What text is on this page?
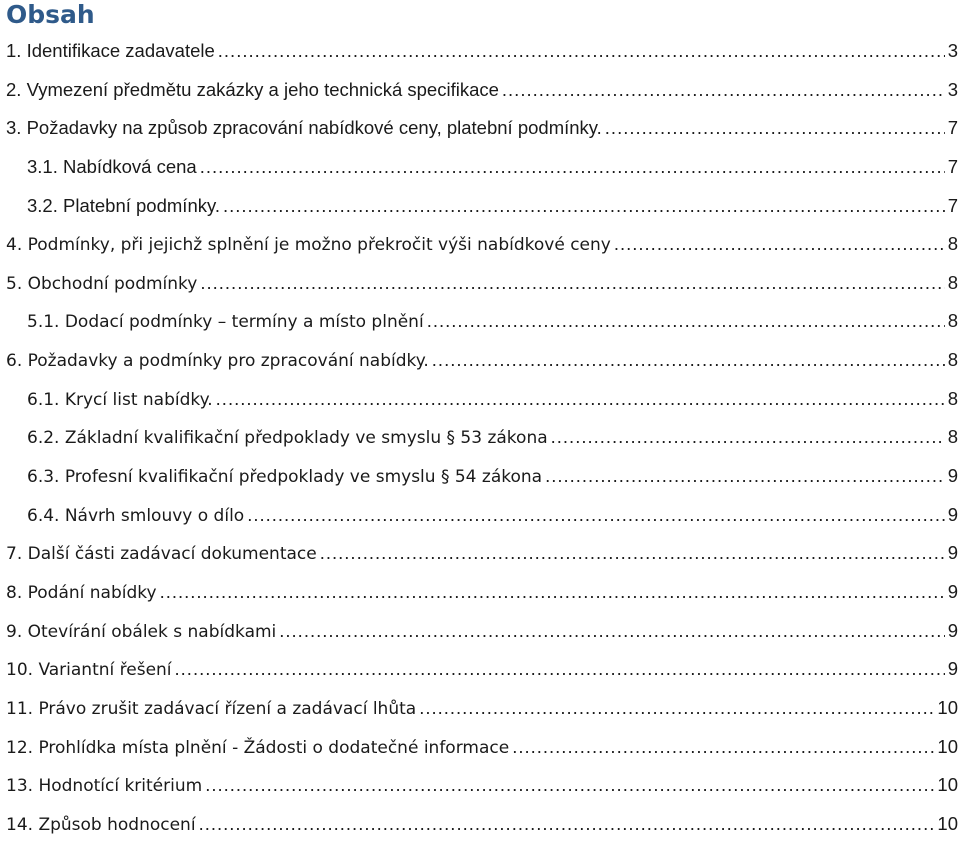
Obsah
1. Identifikace zadavatele .....	3
2. Vymezení předmětu zakázky a jeho technická specifikace .....	3
3. Požadavky na způsob zpracování nabídkové ceny, platební podmínky. .....	7
3.1. Nabídková cena .....	7
3.2. Platební podmínky. .....	7
4. Podmínky, při jejichž splnění je možno překročit výši nabídkové ceny .....	8
5. Obchodní podmínky .....	8
5.1. Dodací podmínky – termíny a místo plnění .....	8
6. Požadavky a podmínky pro zpracování nabídky. .....	8
6.1. Krycí list nabídky. .....	8
6.2. Základní kvalifikační předpoklady ve smyslu § 53 zákona .....	8
6.3. Profesní kvalifikační předpoklady ve smyslu § 54 zákona .....	9
6.4. Návrh smlouvy o dílo .....	9
7. Další části zadávací dokumentace .....	9
8. Podání nabídky .....	9
9. Otevírání obálek s nabídkami .....	9
10. Variantní řešení .....	9
11. Právo zrušit zadávací řízení a zadávací lhůta .....	10
12. Prohlídka místa plnění - Žádosti o dodatečné informace .....	10
13. Hodnotící kritérium .....	10
14. Způsob hodnocení .....	10
